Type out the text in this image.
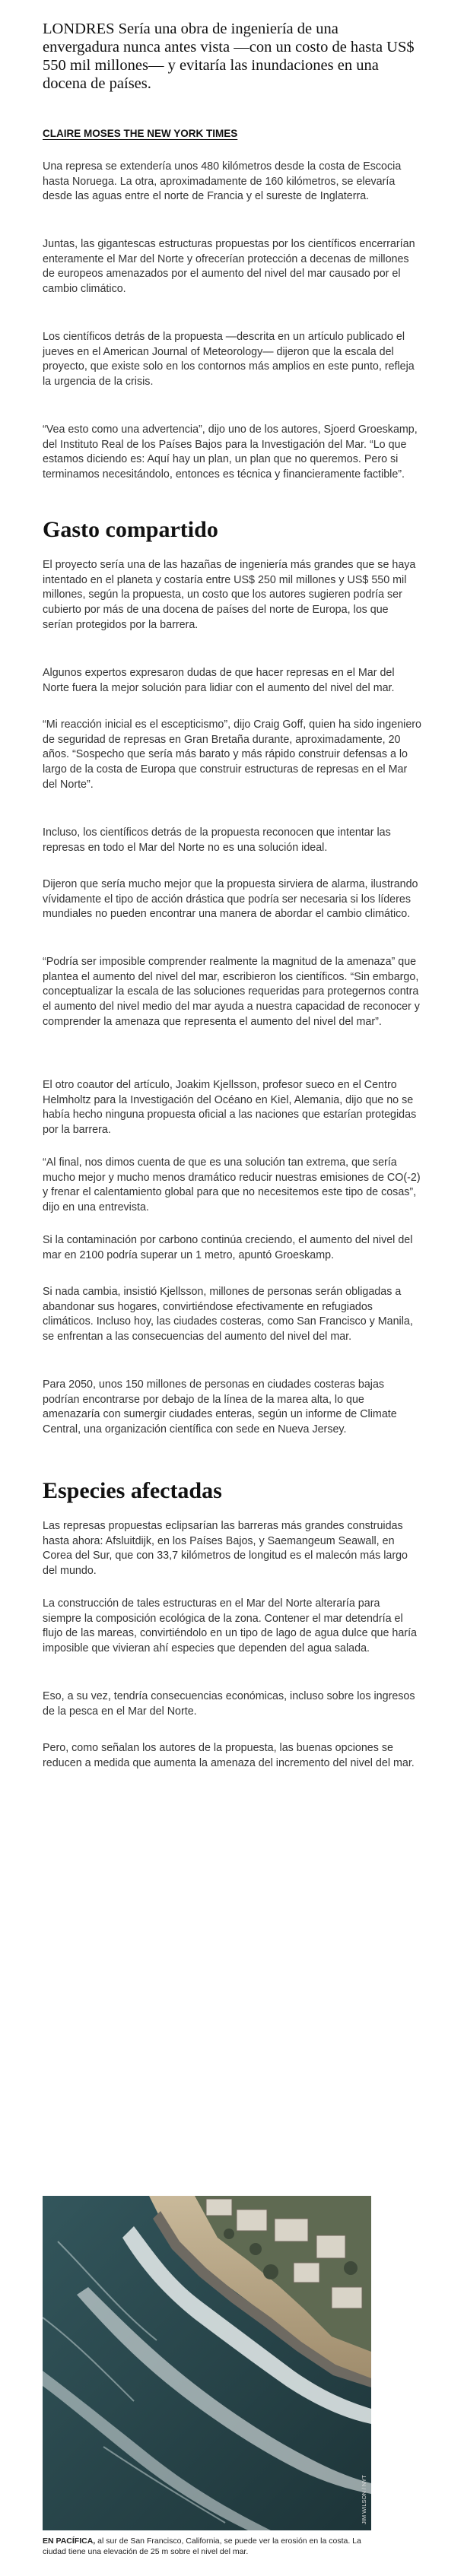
LONDRES Sería una obra de ingeniería de una envergadura nunca antes vista —con un costo de hasta US$ 550 mil millones— y evitaría las inundaciones en una docena de países.

CLAIRE MOSES THE NEW YORK TIMES

Una represa se extendería unos 480 kilómetros desde la costa de Escocia hasta Noruega. La otra, aproximadamente de 160 kilómetros, se elevaría desde las aguas entre el norte de Francia y el sureste de Inglaterra.

Juntas, las gigantescas estructuras propuestas por los científicos encerrarían enteramente el Mar del Norte y ofrecerían protección a decenas de millones de europeos amenazados por el aumento del nivel del mar causado por el cambio climático.

Los científicos detrás de la propuesta —descrita en un artículo publicado el jueves en el American Journal of Meteorology— dijeron que la escala del proyecto, que existe solo en los contornos más amplios en este punto, refleja la urgencia de la crisis.

“Vea esto como una advertencia”, dijo uno de los autores, Sjoerd Groeskamp, del Instituto Real de los Países Bajos para la Investigación del Mar. “Lo que estamos diciendo es: Aquí hay un plan, un plan que no queremos. Pero si terminamos necesitándolo, entonces es técnica y financieramente factible”.

Gasto compartido

El proyecto sería una de las hazañas de ingeniería más grandes que se haya intentado en el planeta y costaría entre US$ 250 mil millones y US$ 550 mil millones, según la propuesta, un costo que los autores sugieren podría ser cubierto por más de una docena de países del norte de Europa, los que serían protegidos por la barrera.

Algunos expertos expresaron dudas de que hacer represas en el Mar del Norte fuera la mejor solución para lidiar con el aumento del nivel del mar.

“Mi reacción inicial es el escepticismo”, dijo Craig Goff, quien ha sido ingeniero de seguridad de represas en Gran Bretaña durante, aproximadamente, 20 años. “Sospecho que sería más barato y más rápido construir defensas a lo largo de la costa de Europa que construir estructuras de represas en el Mar del Norte”.

Incluso, los científicos detrás de la propuesta reconocen que intentar las represas en todo el Mar del Norte no es una solución ideal.

Dijeron que sería mucho mejor que la propuesta sirviera de alarma, ilustrando vívidamente el tipo de acción drástica que podría ser necesaria si los líderes mundiales no pueden encontrar una manera de abordar el cambio climático.

“Podría ser imposible comprender realmente la magnitud de la amenaza” que plantea el aumento del nivel del mar, escribieron los científicos. “Sin embargo, conceptualizar la escala de las soluciones requeridas para protegernos contra el aumento del nivel medio del mar ayuda a nuestra capacidad de reconocer y comprender la amenaza que representa el aumento del nivel del mar”.

El otro coautor del artículo, Joakim Kjellsson, profesor sueco en el Centro Helmholtz para la Investigación del Océano en Kiel, Alemania, dijo que no se había hecho ninguna propuesta oficial a las naciones que estarían protegidas por la barrera.

“Al final, nos dimos cuenta de que es una solución tan extrema, que sería mucho mejor y mucho menos dramático reducir nuestras emisiones de CO(-2) y frenar el calentamiento global para que no necesitemos este tipo de cosas”, dijo en una entrevista.

Si la contaminación por carbono continúa creciendo, el aumento del nivel del mar en 2100 podría superar un 1 metro, apuntó Groeskamp.

Si nada cambia, insistió Kjellsson, millones de personas serán obligadas a abandonar sus hogares, convirtiéndose efectivamente en refugiados climáticos. Incluso hoy, las ciudades costeras, como San Francisco y Manila, se enfrentan a las consecuencias del aumento del nivel del mar.

Para 2050, unos 150 millones de personas en ciudades costeras bajas podrían encontrarse por debajo de la línea de la marea alta, lo que amenazaría con sumergir ciudades enteras, según un informe de Climate Central, una organización científica con sede en Nueva Jersey.

Especies afectadas

Las represas propuestas eclipsarían las barreras más grandes construidas hasta ahora: Afsluitdijk, en los Países Bajos, y Saemangeum Seawall, en Corea del Sur, que con 33,7 kilómetros de longitud es el malecón más largo del mundo.

La construcción de tales estructuras en el Mar del Norte alteraría para siempre la composición ecológica de la zona. Contener el mar detendría el flujo de las mareas, convirtiéndolo en un tipo de lago de agua dulce que haría imposible que vivieran ahí especies que dependen del agua salada.

Eso, a su vez, tendría consecuencias económicas, incluso sobre los ingresos de la pesca en el Mar del Norte.

Pero, como señalan los autores de la propuesta, las buenas opciones se reducen a medida que aumenta la amenaza del incremento del nivel del mar.

JIM WILSON / NYT

EN PACÍFICA, al sur de San Francisco, California, se puede ver la erosión en la costa. La ciudad tiene una elevación de 25 m sobre el nivel del mar.
